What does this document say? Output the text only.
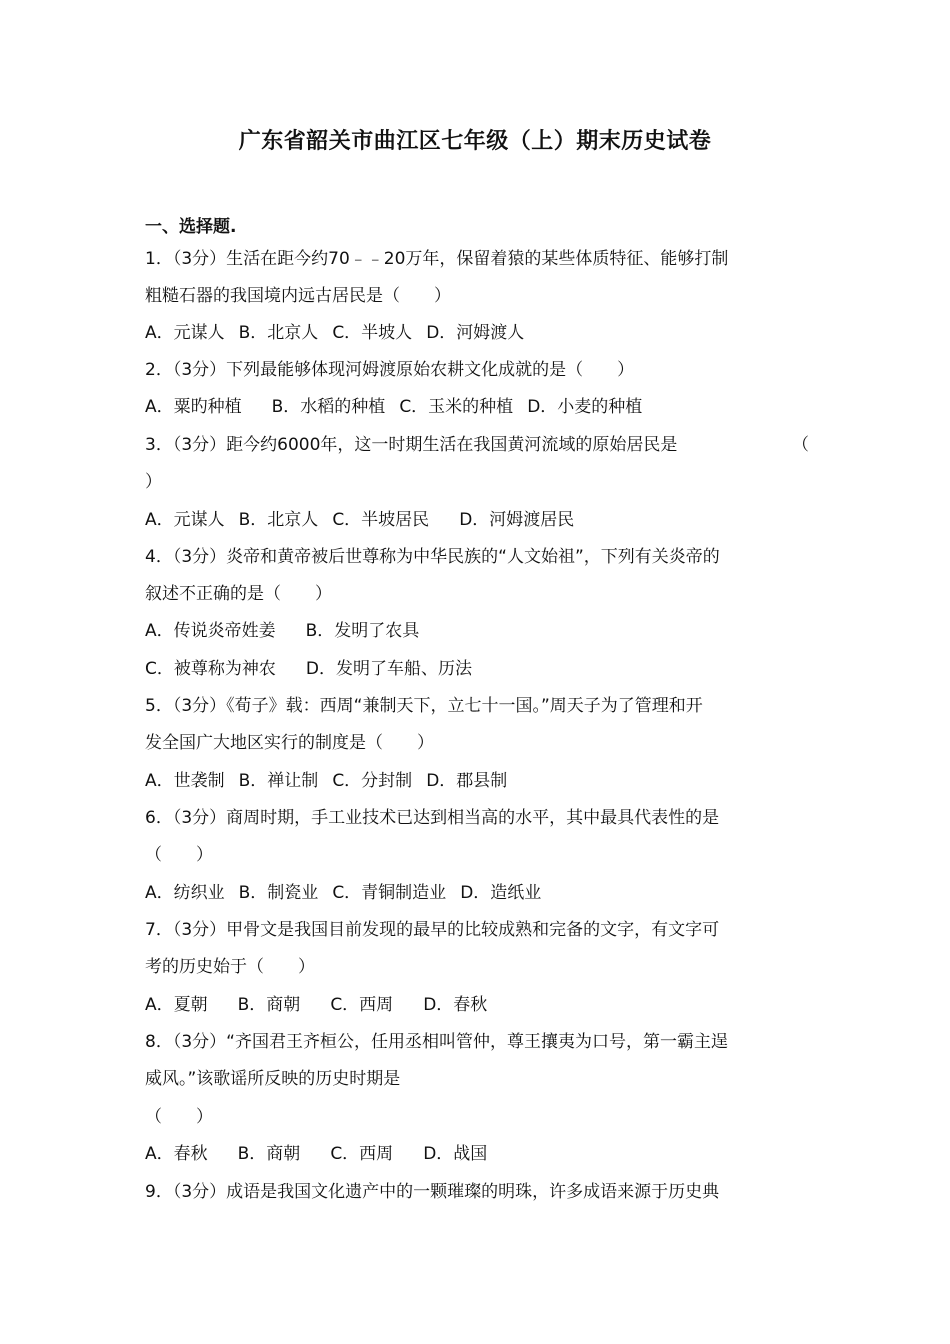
广东省韶关市曲江区七年级（上）期末历史试卷
一、选择题.
1．（3分）生活在距今约70﹣﹣20万年，保留着猿的某些体质特征、能够打制
粗糙石器的我国境内远古居民是（　　）
A．元谋人 B．北京人 C．半坡人 D．河姆渡人
2．（3分）下列最能够体现河姆渡原始农耕文化成就的是（　　）
A．粟旳种植 B．水稻的种植 C．玉米的种植 D．小麦的种植
3．（3分）距今约6000年，这一时期生活在我国黄河流域的原始居民是	（
）
A．元谋人 B．北京人 C．半坡居民 D．河姆渡居民
4．（3分）炎帝和黄帝被后世尊称为中华民族的“人文始祖”，下列有关炎帝的
叙述不正确的是（　　）
A．传说炎帝姓姜 B．发明了农具
C．被尊称为神农 D．发明了车船、历法
5．（3分）《荀子》载：西周“兼制天下，立七十一国。”周天子为了管理和开
发全国广大地区实行的制度是（　　）
A．世袭制 B．禅让制 C．分封制 D．郡县制
6．（3分）商周时期，手工业技术已达到相当高的水平，其中最具代表性的是
（　　）
A．纺织业 B．制瓷业 C．青铜制造业 D．造纸业
7．（3分）甲骨文是我国目前发现的最早的比较成熟和完备的文字，有文字可
考的历史始于（　　）
A．夏朝 B．商朝 C．西周 D．春秋
8．（3分）“齐国君王齐桓公，任用丞相叫管仲，尊王攘夷为口号，第一霸主逞
威风。”该歌谣所反映的历史时期是
（　　）
A．春秋 B．商朝 C．西周 D．战国
9．（3分）成语是我国文化遗产中的一颗璀璨的明珠，许多成语来源于历史典
